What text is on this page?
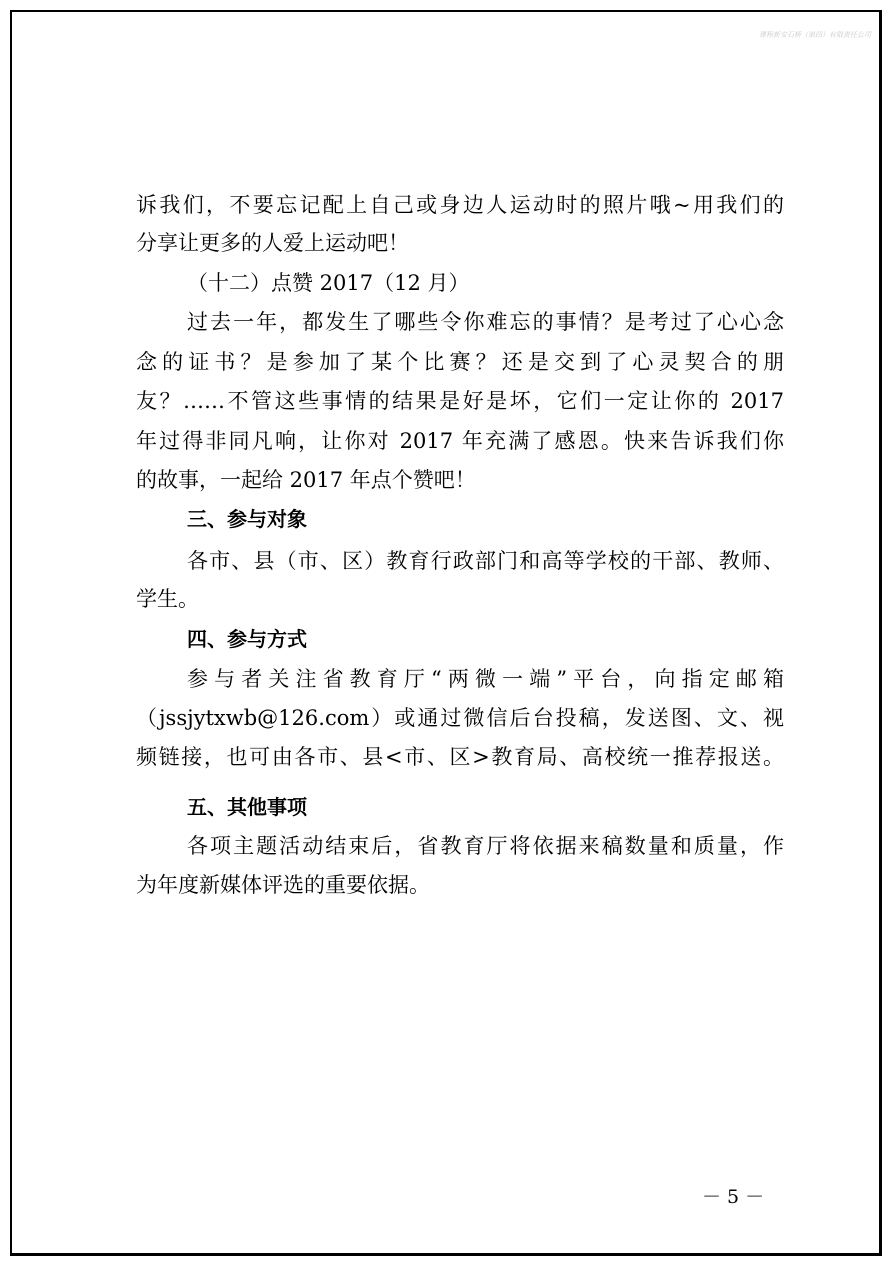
课程新安石桥（第四）有限责任公司
诉我们，不要忘记配上自己或身边人运动时的照片哦~用我们的
分享让更多的人爱上运动吧！
（十二）点赞 2017（12 月）
过去一年，都发生了哪些令你难忘的事情？是考过了心心念
念的证书？是参加了某个比赛？还是交到了心灵契合的朋
友？……不管这些事情的结果是好是坏，它们一定让你的 2017
年过得非同凡响，让你对 2017 年充满了感恩。快来告诉我们你
的故事，一起给 2017 年点个赞吧！
三、参与对象
各市、县（市、区）教育行政部门和高等学校的干部、教师、
学生。
四、参与方式
参与者关注省教育厅“两微一端”平台，向指定邮箱
（jssjytxwb@126.com）或通过微信后台投稿，发送图、文、视
频链接，也可由各市、县<市、区>教育局、高校统一推荐报送。
五、其他事项
各项主题活动结束后，省教育厅将依据来稿数量和质量，作
为年度新媒体评选的重要依据。
－ 5 －
